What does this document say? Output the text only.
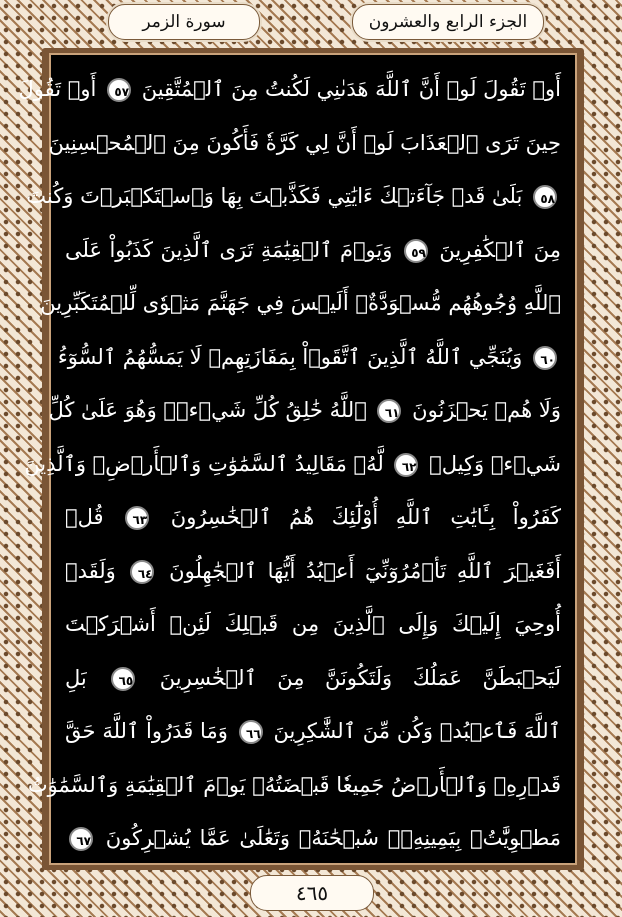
الجزء الرابع والعشرون
سورة الزمر
أَوۡ تَقُولَ لَوۡ أَنَّ ٱللَّهَ هَدَىٰنِي لَكُنتُ مِنَ ٱلۡمُتَّقِينَ ٥٧ أَوۡ تَقُولَ
حِينَ تَرَى ٱلۡعَذَابَ لَوۡ أَنَّ لِي كَرَّةٗ فَأَكُونَ مِنَ ٱلۡمُحۡسِنِينَ
٥٨ بَلَىٰ قَدۡ جَآءَتۡكَ ءَايَٰتِي فَكَذَّبۡتَ بِهَا وَٱسۡتَكۡبَرۡتَ وَكُنتَ
مِنَ ٱلۡكَٰفِرِينَ ٥٩ وَيَوۡمَ ٱلۡقِيَٰمَةِ تَرَى ٱلَّذِينَ كَذَبُواْ عَلَى
ٱللَّهِ وُجُوهُهُم مُّسۡوَدَّةٌۚ أَلَيۡسَ فِي جَهَنَّمَ مَثۡوٗى لِّلۡمُتَكَبِّرِينَ
٦٠ وَيُنَجِّي ٱللَّهُ ٱلَّذِينَ ٱتَّقَوۡاْ بِمَفَازَتِهِمۡ لَا يَمَسُّهُمُ ٱلسُّوٓءُ
وَلَا هُمۡ يَحۡزَنُونَ ٦١ ٱللَّهُ خَٰلِقُ كُلِّ شَيۡءٖۖ وَهُوَ عَلَىٰ كُلِّ
شَيۡءٖ وَكِيلٞ ٦٢ لَّهُۥ مَقَالِيدُ ٱلسَّمَٰوَٰتِ وَٱلۡأَرۡضِۗ وَٱلَّذِينَ
كَفَرُواْ بِـَٔايَٰتِ ٱللَّهِ أُوْلَٰٓئِكَ هُمُ ٱلۡخَٰسِرُونَ ٦٣ قُلۡ
أَفَغَيۡرَ ٱللَّهِ تَأۡمُرُوٓنِّيٓ أَعۡبُدُ أَيُّهَا ٱلۡجَٰهِلُونَ ٦٤ وَلَقَدۡ
أُوحِيَ إِلَيۡكَ وَإِلَى ٱلَّذِينَ مِن قَبۡلِكَ لَئِنۡ أَشۡرَكۡتَ
لَيَحۡبَطَنَّ عَمَلُكَ وَلَتَكُونَنَّ مِنَ ٱلۡخَٰسِرِينَ ٦٥ بَلِ
ٱللَّهَ فَٱعۡبُدۡ وَكُن مِّنَ ٱلشَّٰكِرِينَ ٦٦ وَمَا قَدَرُواْ ٱللَّهَ حَقَّ
قَدۡرِهِۦ وَٱلۡأَرۡضُ جَمِيعٗا قَبۡضَتُهُۥ يَوۡمَ ٱلۡقِيَٰمَةِ وَٱلسَّمَٰوَٰتُ
مَطۡوِيَّٰتُۢ بِيَمِينِهِۦۚ سُبۡحَٰنَهُۥ وَتَعَٰلَىٰ عَمَّا يُشۡرِكُونَ ٦٧
٤٦٥
